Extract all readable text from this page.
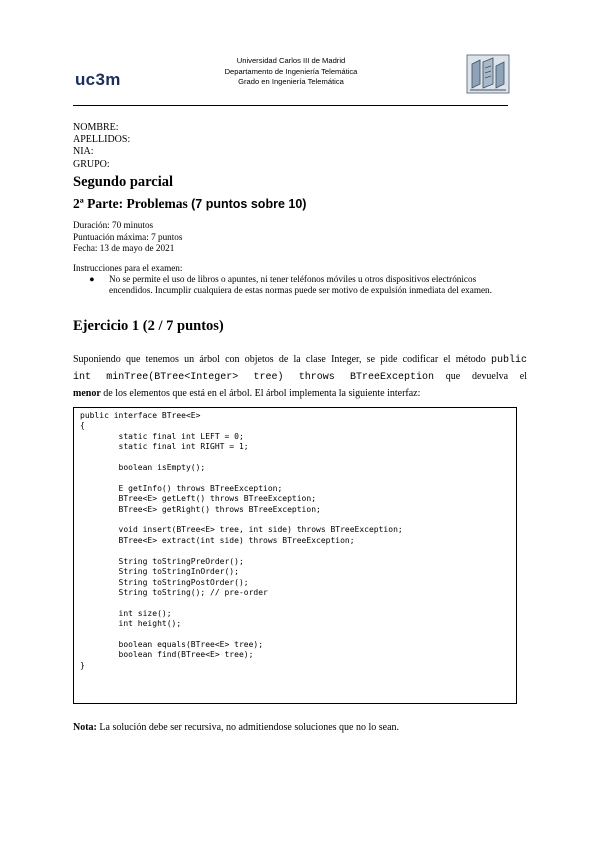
uc3m
Universidad Carlos III de Madrid
Departamento de Ingeniería Telemática
Grado en Ingeniería Telemática
NOMBRE:
APELLIDOS:
NIA:
GRUPO:
Segundo parcial
2ª Parte: Problemas (7 puntos sobre 10)
Duración: 70 minutos
Puntuación máxima: 7 puntos
Fecha: 13 de mayo de 2021
Instrucciones para el examen:
● No se permite el uso de libros o apuntes, ni tener teléfonos móviles u otros dispositivos electrónicos encendidos. Incumplir cualquiera de estas normas puede ser motivo de expulsión inmediata del examen.
Ejercicio 1 (2 / 7 puntos)
Suponiendo que tenemos un árbol con objetos de la clase Integer, se pide codificar el método public
int minTree(BTree<Integer> tree) throws BTreeException que devuelva el
menor de los elementos que está en el árbol. El árbol implementa la siguiente interfaz:
public interface BTree<E>
{
static final int LEFT = 0;
static final int RIGHT = 1;

boolean isEmpty();

E getInfo() throws BTreeException;
BTree<E> getLeft() throws BTreeException;
BTree<E> getRight() throws BTreeException;

void insert(BTree<E> tree, int side) throws BTreeException;
BTree<E> extract(int side) throws BTreeException;

String toStringPreOrder();
String toStringInOrder();
String toStringPostOrder();
String toString(); // pre-order

int size();
int height();

boolean equals(BTree<E> tree);
boolean find(BTree<E> tree);
}
Nota: La solución debe ser recursiva, no admitiendose soluciones que no lo sean.
